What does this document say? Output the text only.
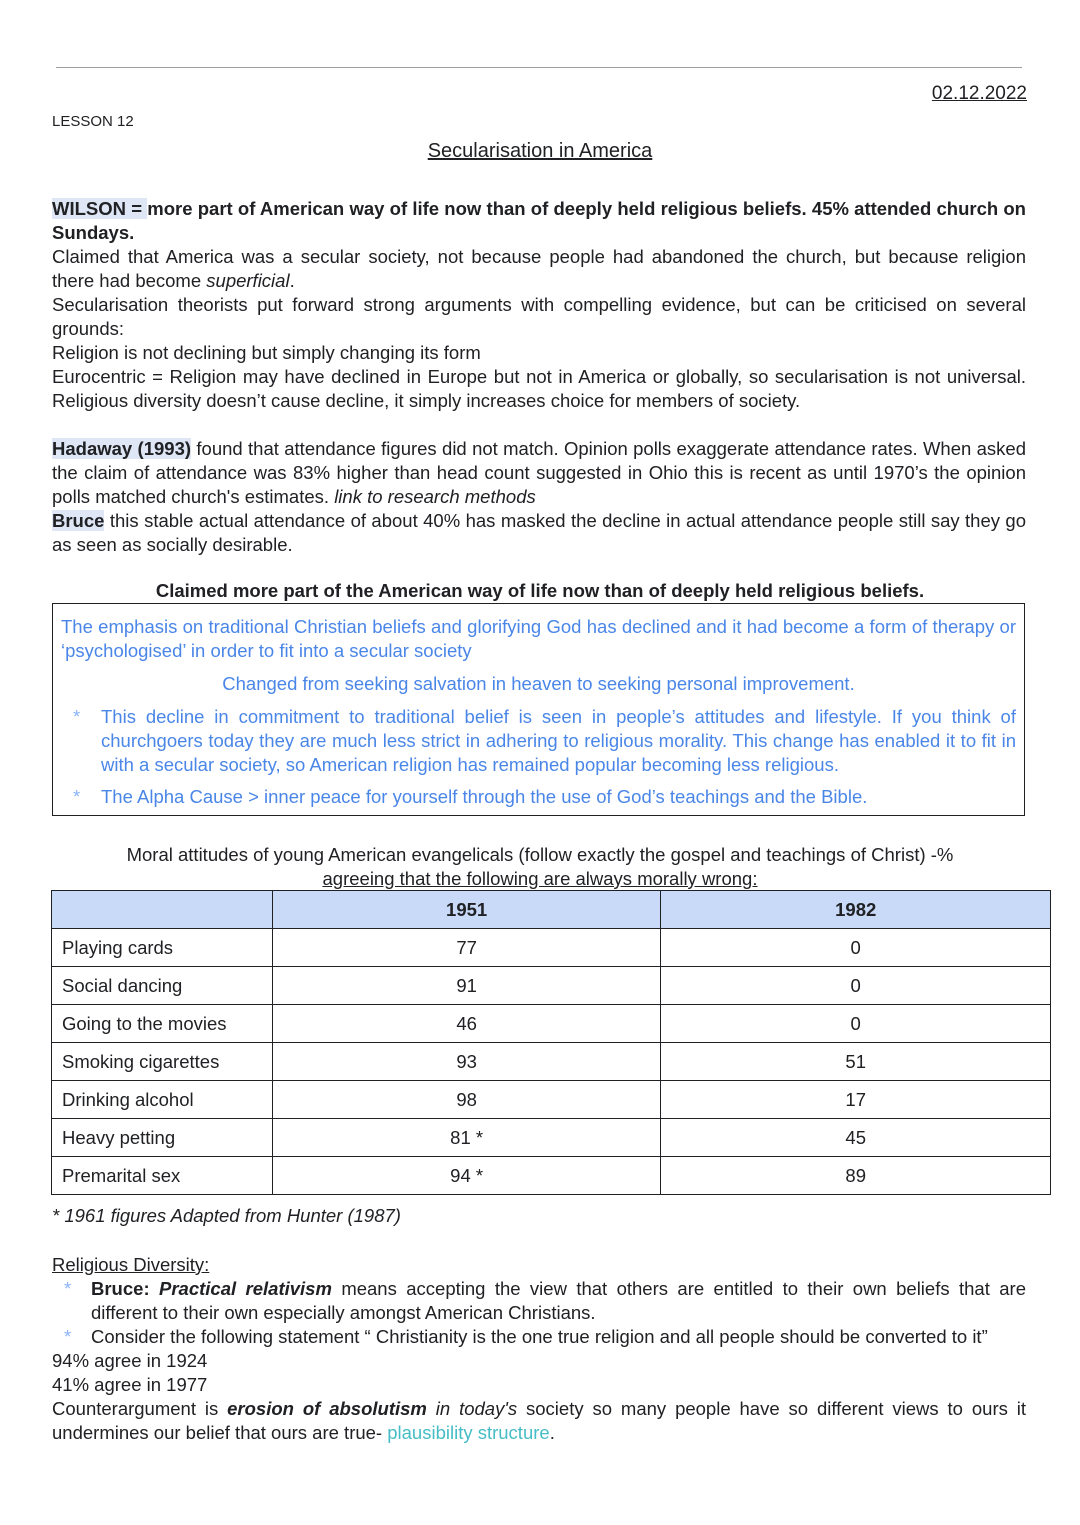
02.12.2022
LESSON 12
Secularisation in America

WILSON = more part of American way of life now than of deeply held religious beliefs. 45% attended church on Sundays.

Claimed that America was a secular society, not because people had abandoned the church, but because religion there had become superficial.

Secularisation theorists put forward strong arguments with compelling evidence, but can be criticised on several grounds:

Religion is not declining but simply changing its form

Eurocentric = Religion may have declined in Europe but not in America or globally, so secularisation is not universal. Religious diversity doesn’t cause decline, it simply increases choice for members of society.

Hadaway (1993) found that attendance figures did not match. Opinion polls exaggerate attendance rates. When asked the claim of attendance was 83% higher than head count suggested in Ohio this is recent as until 1970’s the opinion polls matched church's estimates. link to research methods

Bruce this stable actual attendance of about 40% has masked the decline in actual attendance people still say they go as seen as socially desirable.

Claimed more part of the American way of life now than of deeply held religious beliefs.
The emphasis on traditional Christian beliefs and glorifying God has declined and it had become a form of therapy or ‘psychologised’ in order to fit into a secular society
Changed from seeking salvation in heaven to seeking personal improvement.
*	This decline in commitment to traditional belief is seen in people’s attitudes and lifestyle. If you think of churchgoers today they are much less strict in adhering to religious morality. This change has enabled it to fit in with a secular society, so American religion has remained popular becoming less religious.
*	The Alpha Cause > inner peace for yourself through the use of God’s teachings and the Bible.
Moral attitudes of young American evangelicals (follow exactly the gospel and teachings of Christ) -%
agreeing that the following are always morally wrong:
	1951	1982
Playing cards	77	0
Social dancing	91	0
Going to the movies	46	0
Smoking cigarettes	93	51
Drinking alcohol	98	17
Heavy petting	81 *	45
Premarital sex	94 *	89
* 1961 figures Adapted from Hunter (1987)

Religious Diversity:

*	Bruce: Practical relativism means accepting the view that others are entitled to their own beliefs that are different to their own especially amongst American Christians.
*	Consider the following statement “ Christianity is the one true religion and all people should be converted to it”

94% agree in 1924

41% agree in 1977

Counterargument is erosion of absolutism in today's society so many people have so different views to ours it undermines our belief that ours are true- plausibility structure.
